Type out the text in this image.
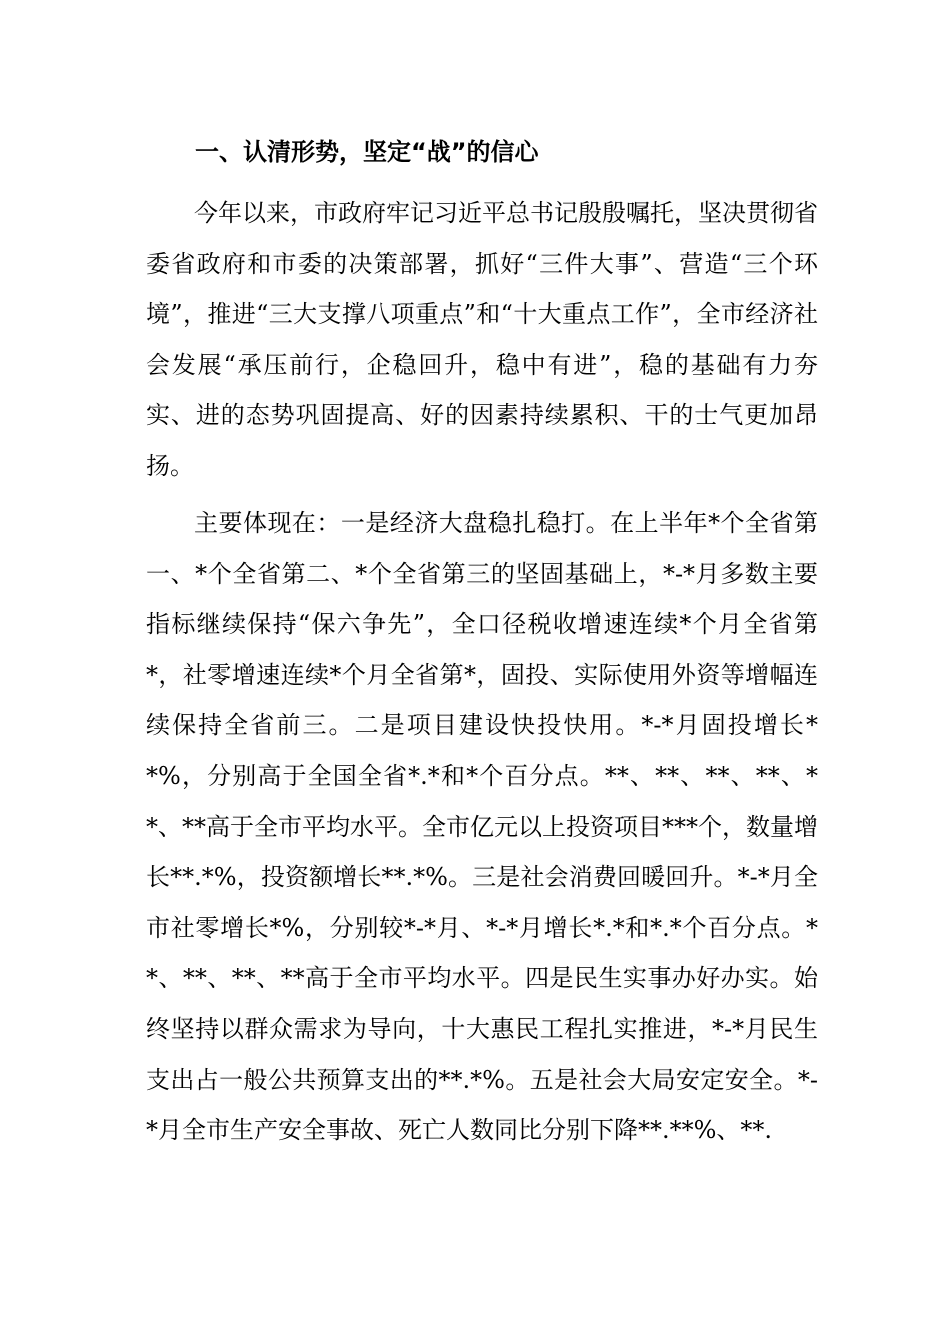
一、认清形势，坚定“战”的信心

今年以来，市政府牢记习近平总书记殷殷嘱托，坚决贯彻省委省政府和市委的决策部署，抓好“三件大事”、营造“三个环境”，推进“三大支撑八项重点”和“十大重点工作”，全市经济社会发展“承压前行，企稳回升，稳中有进”，稳的基础有力夯实、进的态势巩固提高、好的因素持续累积、干的士气更加昂扬。

主要体现在：一是经济大盘稳扎稳打。在上半年*个全省第一、*个全省第二、*个全省第三的坚固基础上，*-*月多数主要指标继续保持“保六争先”，全口径税收增速连续*个月全省第*，社零增速连续*个月全省第*，固投、实际使用外资等增幅连续保持全省前三。二是项目建设快投快用。*-*月固投增长**%，分别高于全国全省*.*和*个百分点。**、**、**、**、**、**高于全市平均水平。全市亿元以上投资项目***个，数量增长**.*%，投资额增长**.*%。三是社会消费回暖回升。*-*月全市社零增长*%，分别较*-*月、*-*月增长*.*和*.*个百分点。**、**、**、**高于全市平均水平。四是民生实事办好办实。始终坚持以群众需求为导向，十大惠民工程扎实推进，*-*月民生支出占一般公共预算支出的**.*%。五是社会大局安定安全。*-*月全市生产安全事故、死亡人数同比分别下降**.**%、**.
